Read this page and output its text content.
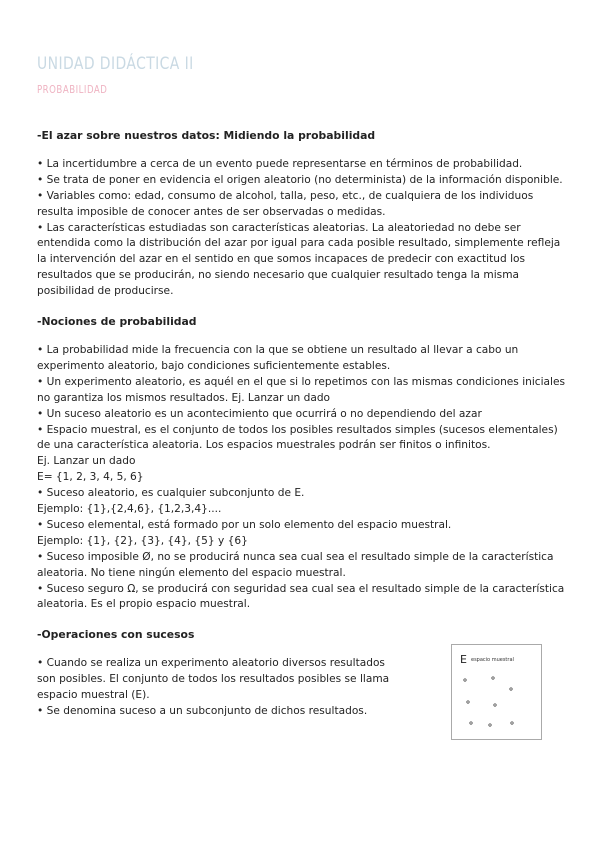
UNIDAD DIDÁCTICA II

PROBABILIDAD

-El azar sobre nuestros datos: Midiendo la probabilidad

• La incertidumbre a cerca de un evento puede representarse en términos de probabilidad.

• Se trata de poner en evidencia el origen aleatorio (no determinista) de la información disponible.

• Variables como: edad, consumo de alcohol, talla, peso, etc., de cualquiera de los individuos resulta imposible de conocer antes de ser observadas o medidas.

• Las características estudiadas son características aleatorias. La aleatoriedad no debe ser entendida como la distribución del azar por igual para cada posible resultado, simplemente refleja la intervención del azar en el sentido en que somos incapaces de predecir con exactitud los resultados que se producirán, no siendo necesario que cualquier resultado tenga la misma posibilidad de producirse.

-Nociones de probabilidad

• La probabilidad mide la frecuencia con la que se obtiene un resultado al llevar a cabo un experimento aleatorio, bajo condiciones suficientemente estables.

• Un experimento aleatorio, es aquél en el que si lo repetimos con las mismas condiciones iniciales no garantiza los mismos resultados. Ej. Lanzar un dado

• Un suceso aleatorio es un acontecimiento que ocurrirá o no dependiendo del azar

• Espacio muestral, es el conjunto de todos los posibles resultados simples (sucesos elementales) de una característica aleatoria. Los espacios muestrales podrán ser finitos o infinitos.

Ej. Lanzar un dado

E= {1, 2, 3, 4, 5, 6}

• Suceso aleatorio, es cualquier subconjunto de E.

Ejemplo: {1},{2,4,6}, {1,2,3,4}....

• Suceso elemental, está formado por un solo elemento del espacio muestral.

Ejemplo: {1}, {2}, {3}, {4}, {5} y {6}

• Suceso imposible Ø, no se producirá nunca sea cual sea el resultado simple de la característica aleatoria. No tiene ningún elemento del espacio muestral.

• Suceso seguro Ω, se producirá con seguridad sea cual sea el resultado simple de la característica aleatoria. Es el propio espacio muestral.

-Operaciones con sucesos

• Cuando se realiza un experimento aleatorio diversos resultados son posibles. El conjunto de todos los resultados posibles se llama espacio muestral (E).

• Se denomina suceso a un subconjunto de dichos resultados.

E espacio muestral
